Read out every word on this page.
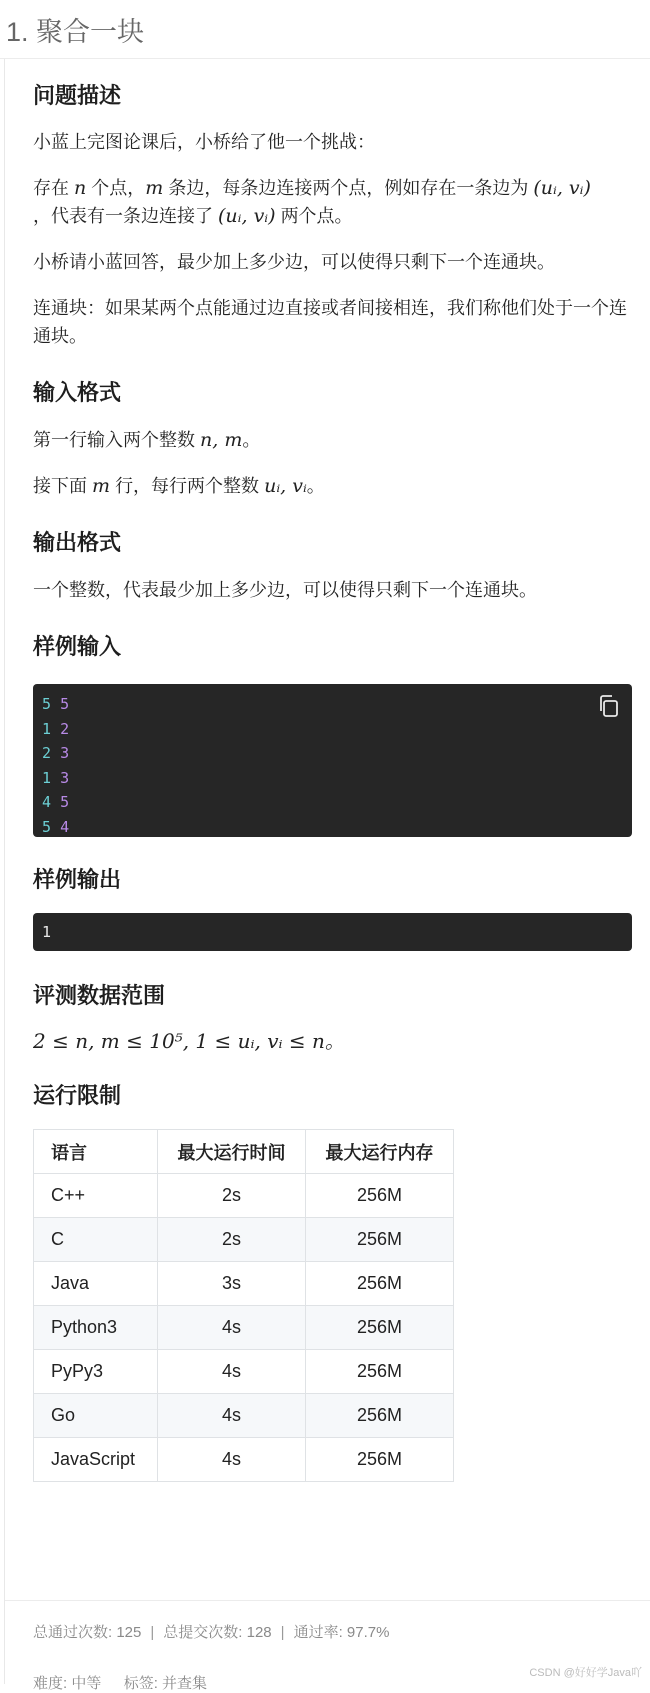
1. 聚合一块
问题描述

小蓝上完图论课后，小桥给了他一个挑战：

存在 n 个点，m 条边，每条边连接两个点，例如存在一条边为 (uᵢ, vᵢ)
，代表有一条边连接了 (uᵢ, vᵢ) 两个点。

小桥请小蓝回答，最少加上多少边，可以使得只剩下一个连通块。

连通块：如果某两个点能通过边直接或者间接相连，我们称他们处于一个连通块。

输入格式

第一行输入两个整数 n, m。

接下面 m 行，每行两个整数 uᵢ, vᵢ。

输出格式

一个整数，代表最少加上多少边，可以使得只剩下一个连通块。

样例输入
5 5
1 2
2 3
1 3
4 5
5 4
样例输出
1
评测数据范围

2 ≤ n, m ≤ 10⁵, 1 ≤ uᵢ, vᵢ ≤ n。

运行限制
语言	最大运行时间	最大运行内存
C++	2s	256M
C	2s	256M
Java	3s	256M
Python3	4s	256M
PyPy3	4s	256M
Go	4s	256M
JavaScript	4s	256M
总通过次数: 125 | 总提交次数: 128 | 通过率: 97.7%
难度: 中等 标签: 并查集
CSDN @好好学Java吖
